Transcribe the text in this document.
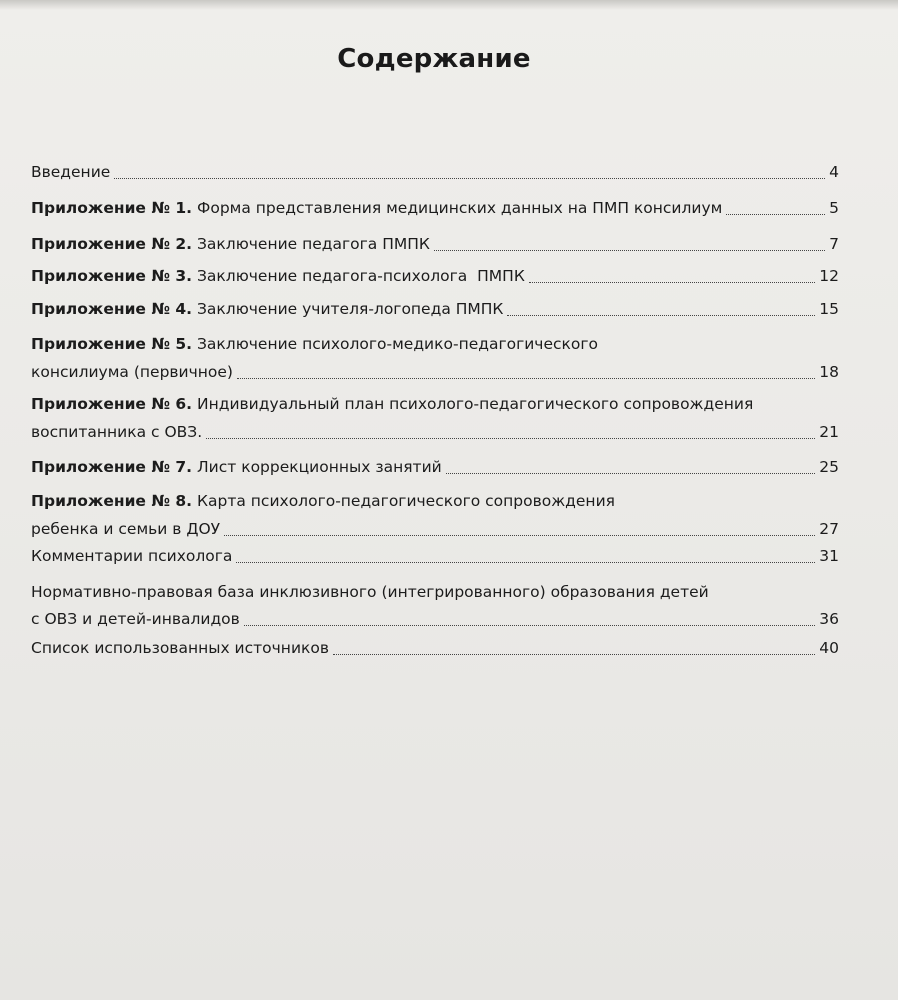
Содержание
Введение	4
Приложение № 1. Форма представления медицинских данных на ПМП консилиум	5
Приложение № 2. Заключение педагога ПМПК	7
Приложение № 3. Заключение педагога-психолога  ПМПК	12
Приложение № 4. Заключение учителя-логопеда ПМПК	15
Приложение № 5. Заключение психолого-медико-педагогического
консилиума (первичное)	18
Приложение № 6. Индивидуальный план психолого-педагогического сопровождения
воспитанника с ОВЗ.	21
Приложение № 7. Лист коррекционных занятий	25
Приложение № 8. Карта психолого-педагогического сопровождения
ребенка и семьи в ДОУ	27
Комментарии психолога	31
Нормативно-правовая база инклюзивного (интегрированного) образования детей
с ОВЗ и детей-инвалидов	36
Список использованных источников	40
